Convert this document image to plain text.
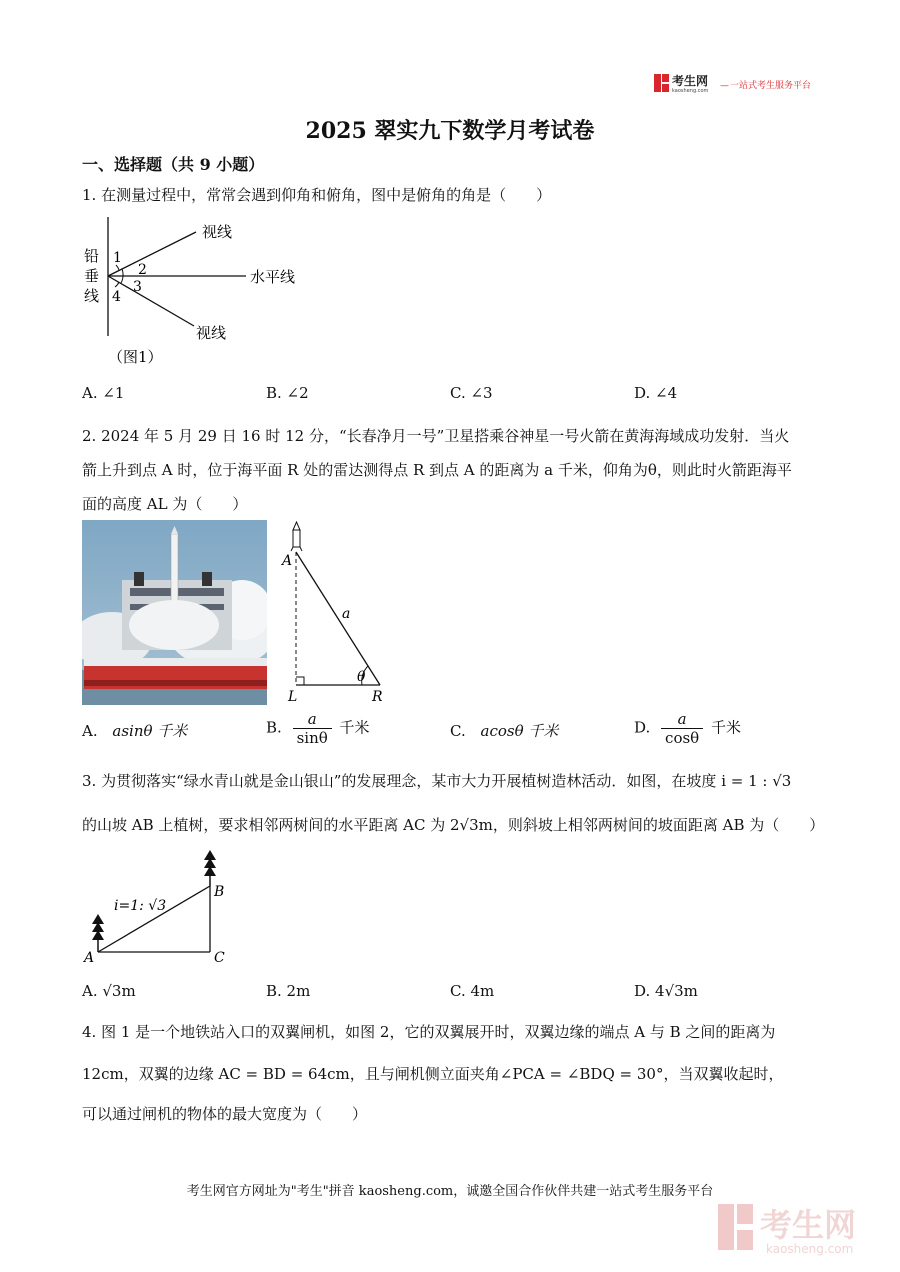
考生网
kaosheng.com — 一站式考生服务平台
2025 翠实九下数学月考试卷
一、选择题（共 9 小题）
1. 在测量过程中，常常会遇到仰角和俯角，图中是俯角的角是（　　）
铅
垂
线
1
2
3
4
视线
水平线
视线
（图1）
A. ∠1	B. ∠2	C. ∠3	D. ∠4
2. 2024 年 5 月 29 日 16 时 12 分，“长春净月一号”卫星搭乘谷神星一号火箭在黄海海域成功发射．当火
箭上升到点 A 时，位于海平面 R 处的雷达测得点 R 到点 A 的距离为 a 千米，仰角为θ，则此时火箭距海平
面的高度 AL 为（　　）
A
a
θ
L	R
A. asinθ 千米	B. $\frac{a}{\sin\theta}$ 千米	C. acosθ 千米	D. $\frac{a}{\cos\theta}$ 千米
3. 为贯彻落实“绿水青山就是金山银山”的发展理念，某市大力开展植树造林活动．如图，在坡度 i = 1 : √3
的山坡 AB 上植树，要求相邻两树间的水平距离 AC 为 2√3m，则斜坡上相邻两树间的坡面距离 AB 为（　　）
i=1: √3
A
B
C
A. √3m	B. 2m	C. 4m	D. 4√3m
4. 图 1 是一个地铁站入口的双翼闸机，如图 2，它的双翼展开时，双翼边缘的端点 A 与 B 之间的距离为
12cm，双翼的边缘 AC = BD = 64cm，且与闸机侧立面夹角∠PCA = ∠BDQ = 30°，当双翼收起时，
可以通过闸机的物体的最大宽度为（　　）
考生网官方网址为"考生"拼音 kaosheng.com，诚邀全国合作伙伴共建一站式考生服务平台
考生网
kaosheng.com
